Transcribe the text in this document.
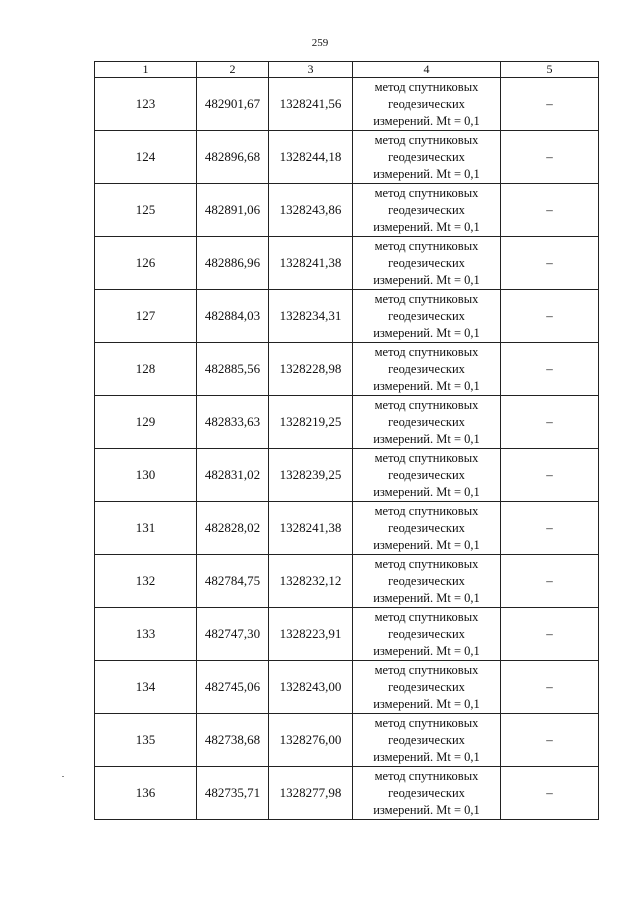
259
1	2	3	4	5
123	482901,67	1328241,56	метод спутниковых
геодезических
измерений. Mt = 0,1	–
124	482896,68	1328244,18	метод спутниковых
геодезических
измерений. Mt = 0,1	–
125	482891,06	1328243,86	метод спутниковых
геодезических
измерений. Mt = 0,1	–
126	482886,96	1328241,38	метод спутниковых
геодезических
измерений. Mt = 0,1	–
127	482884,03	1328234,31	метод спутниковых
геодезических
измерений. Mt = 0,1	–
128	482885,56	1328228,98	метод спутниковых
геодезических
измерений. Mt = 0,1	–
129	482833,63	1328219,25	метод спутниковых
геодезических
измерений. Mt = 0,1	–
130	482831,02	1328239,25	метод спутниковых
геодезических
измерений. Mt = 0,1	–
131	482828,02	1328241,38	метод спутниковых
геодезических
измерений. Mt = 0,1	–
132	482784,75	1328232,12	метод спутниковых
геодезических
измерений. Mt = 0,1	–
133	482747,30	1328223,91	метод спутниковых
геодезических
измерений. Mt = 0,1	–
134	482745,06	1328243,00	метод спутниковых
геодезических
измерений. Mt = 0,1	–
135	482738,68	1328276,00	метод спутниковых
геодезических
измерений. Mt = 0,1	–
136	482735,71	1328277,98	метод спутниковых
геодезических
измерений. Mt = 0,1	–
